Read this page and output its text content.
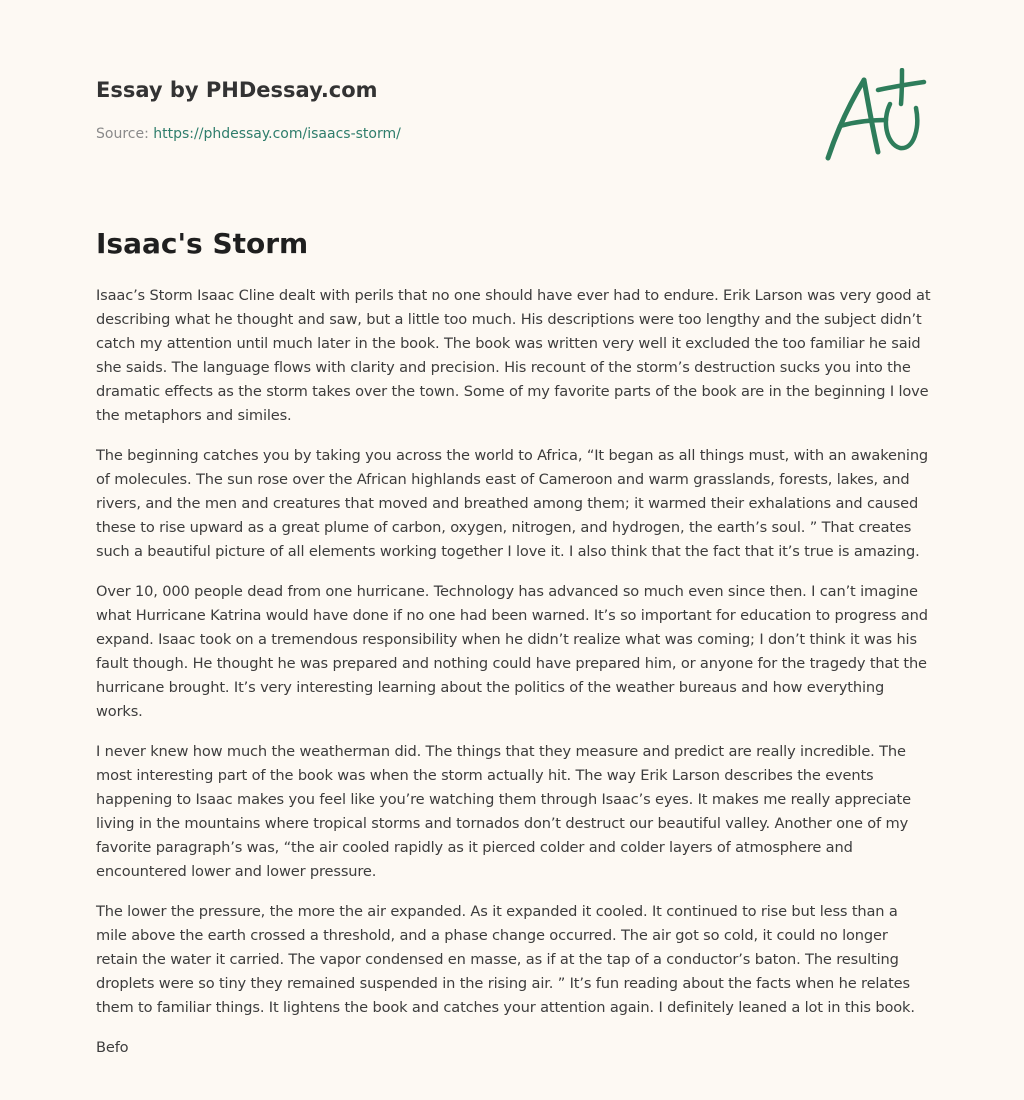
Essay by PHDessay.com
Source: https://phdessay.com/isaacs-storm/
Isaac's Storm

Isaac’s Storm Isaac Cline dealt with perils that no one should have ever had to endure. Erik Larson was very good at describing what he thought and saw, but a little too much. His descriptions were too lengthy and the subject didn’t catch my attention until much later in the book. The book was written very well it excluded the too familiar he said she saids. The language flows with clarity and precision. His recount of the storm’s destruction sucks you into the dramatic effects as the storm takes over the town. Some of my favorite parts of the book are in the beginning I love the metaphors and similes.

The beginning catches you by taking you across the world to Africa, “It began as all things must, with an awakening of molecules. The sun rose over the African highlands east of Cameroon and warm grasslands, forests, lakes, and rivers, and the men and creatures that moved and breathed among them; it warmed their exhalations and caused these to rise upward as a great plume of carbon, oxygen, nitrogen, and hydrogen, the earth’s soul. ” That creates such a beautiful picture of all elements working together I love it. I also think that the fact that it’s true is amazing.

Over 10, 000 people dead from one hurricane. Technology has advanced so much even since then. I can’t imagine what Hurricane Katrina would have done if no one had been warned. It’s so important for education to progress and expand. Isaac took on a tremendous responsibility when he didn’t realize what was coming; I don’t think it was his fault though. He thought he was prepared and nothing could have prepared him, or anyone for the tragedy that the hurricane brought. It’s very interesting learning about the politics of the weather bureaus and how everything works.

I never knew how much the weatherman did. The things that they measure and predict are really incredible. The most interesting part of the book was when the storm actually hit. The way Erik Larson describes the events happening to Isaac makes you feel like you’re watching them through Isaac’s eyes. It makes me really appreciate living in the mountains where tropical storms and tornados don’t destruct our beautiful valley. Another one of my favorite paragraph’s was, “the air cooled rapidly as it pierced colder and colder layers of atmosphere and encountered lower and lower pressure.

The lower the pressure, the more the air expanded. As it expanded it cooled. It continued to rise but less than a mile above the earth crossed a threshold, and a phase change occurred. The air got so cold, it could no longer retain the water it carried. The vapor condensed en masse, as if at the tap of a conductor’s baton. The resulting droplets were so tiny they remained suspended in the rising air. ” It’s fun reading about the facts when he relates them to familiar things. It lightens the book and catches your attention again. I definitely leaned a lot in this book.

Befo
